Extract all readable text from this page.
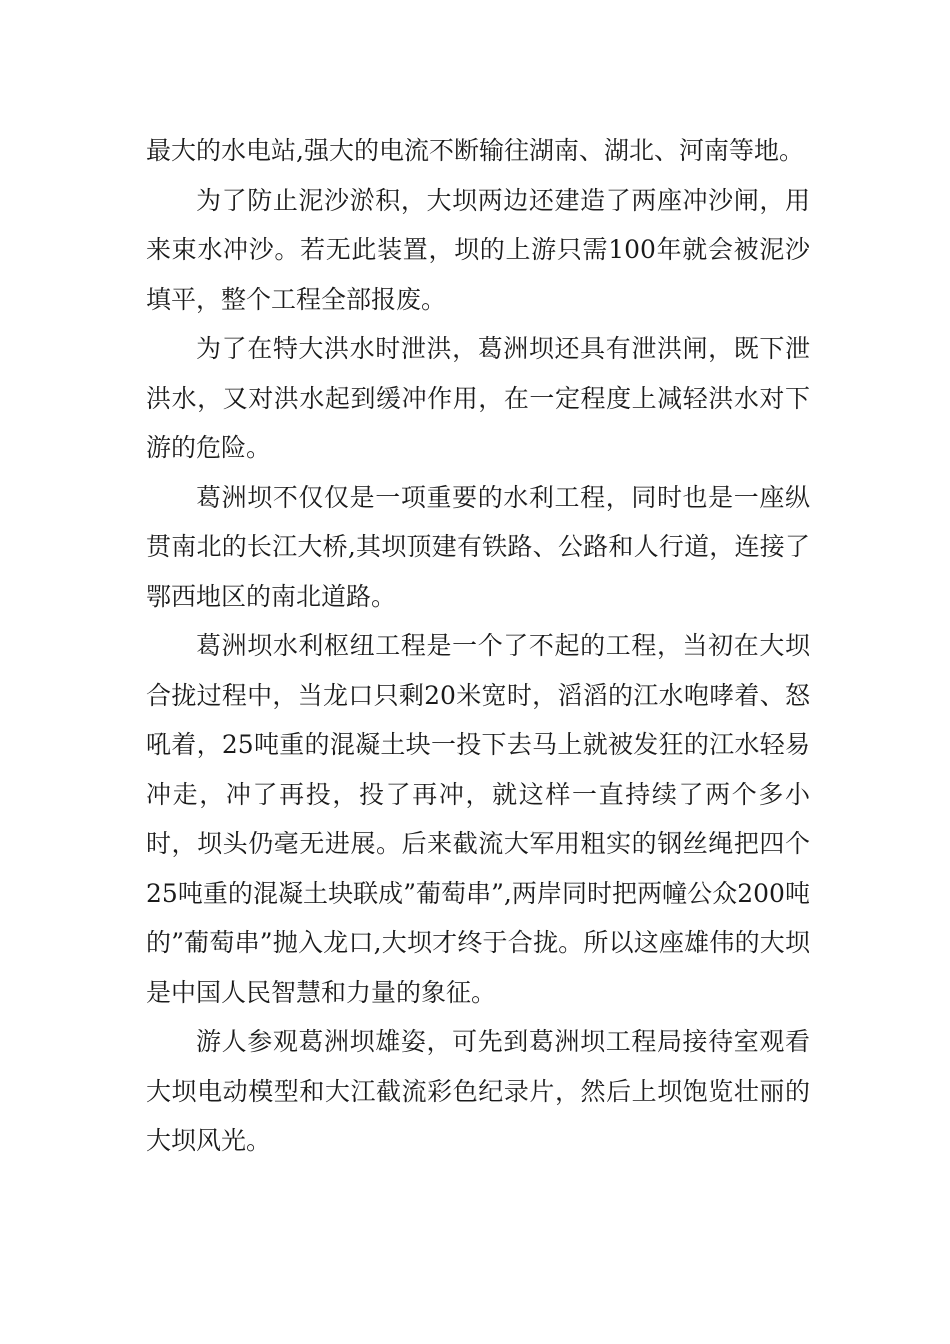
最大的水电站,强大的电流不断输往湖南、湖北、河南等地。

为了防止泥沙淤积，大坝两边还建造了两座冲沙闸，用来束水冲沙。若无此装置，坝的上游只需100年就会被泥沙填平，整个工程全部报废。

为了在特大洪水时泄洪，葛洲坝还具有泄洪闸，既下泄洪水，又对洪水起到缓冲作用，在一定程度上减轻洪水对下游的危险。

葛洲坝不仅仅是一项重要的水利工程，同时也是一座纵贯南北的长江大桥,其坝顶建有铁路、公路和人行道，连接了鄂西地区的南北道路。

葛洲坝水利枢纽工程是一个了不起的工程，当初在大坝合拢过程中，当龙口只剩20米宽时，滔滔的江水咆哮着、怒吼着，25吨重的混凝土块一投下去马上就被发狂的江水轻易冲走，冲了再投，投了再冲，就这样一直持续了两个多小时，坝头仍毫无进展。后来截流大军用粗实的钢丝绳把四个25吨重的混凝土块联成”葡萄串”,两岸同时把两幢公众200吨的”葡萄串”抛入龙口,大坝才终于合拢。所以这座雄伟的大坝是中国人民智慧和力量的象征。

游人参观葛洲坝雄姿，可先到葛洲坝工程局接待室观看大坝电动模型和大江截流彩色纪录片，然后上坝饱览壮丽的大坝风光。
